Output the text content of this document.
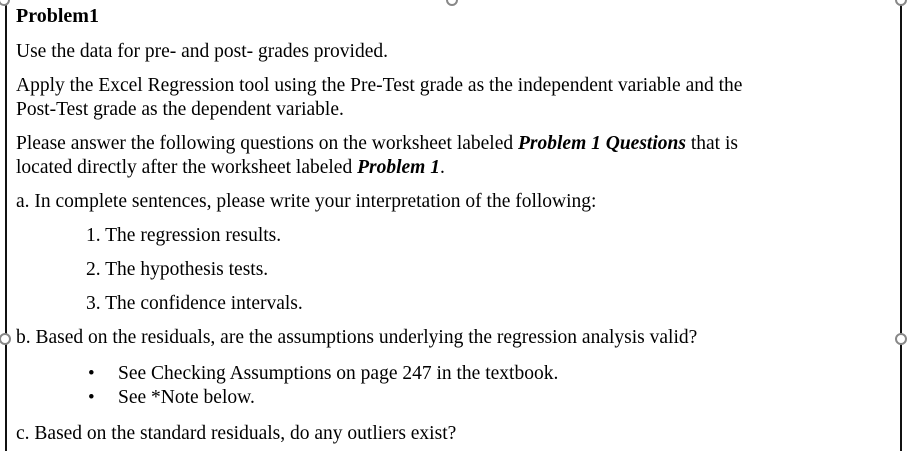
Problem1
Use the data for pre- and post- grades provided.
Apply the Excel Regression tool using the Pre-Test grade as the independent variable and the
Post-Test grade as the dependent variable.
Please answer the following questions on the worksheet labeled Problem 1 Questions that is
located directly after the worksheet labeled Problem 1.
a. In complete sentences, please write your interpretation of the following:
1. The regression results.
2. The hypothesis tests.
3. The confidence intervals.
b. Based on the residuals, are the assumptions underlying the regression analysis valid?
• See Checking Assumptions on page 247 in the textbook.
• See *Note below.
c. Based on the standard residuals, do any outliers exist?
